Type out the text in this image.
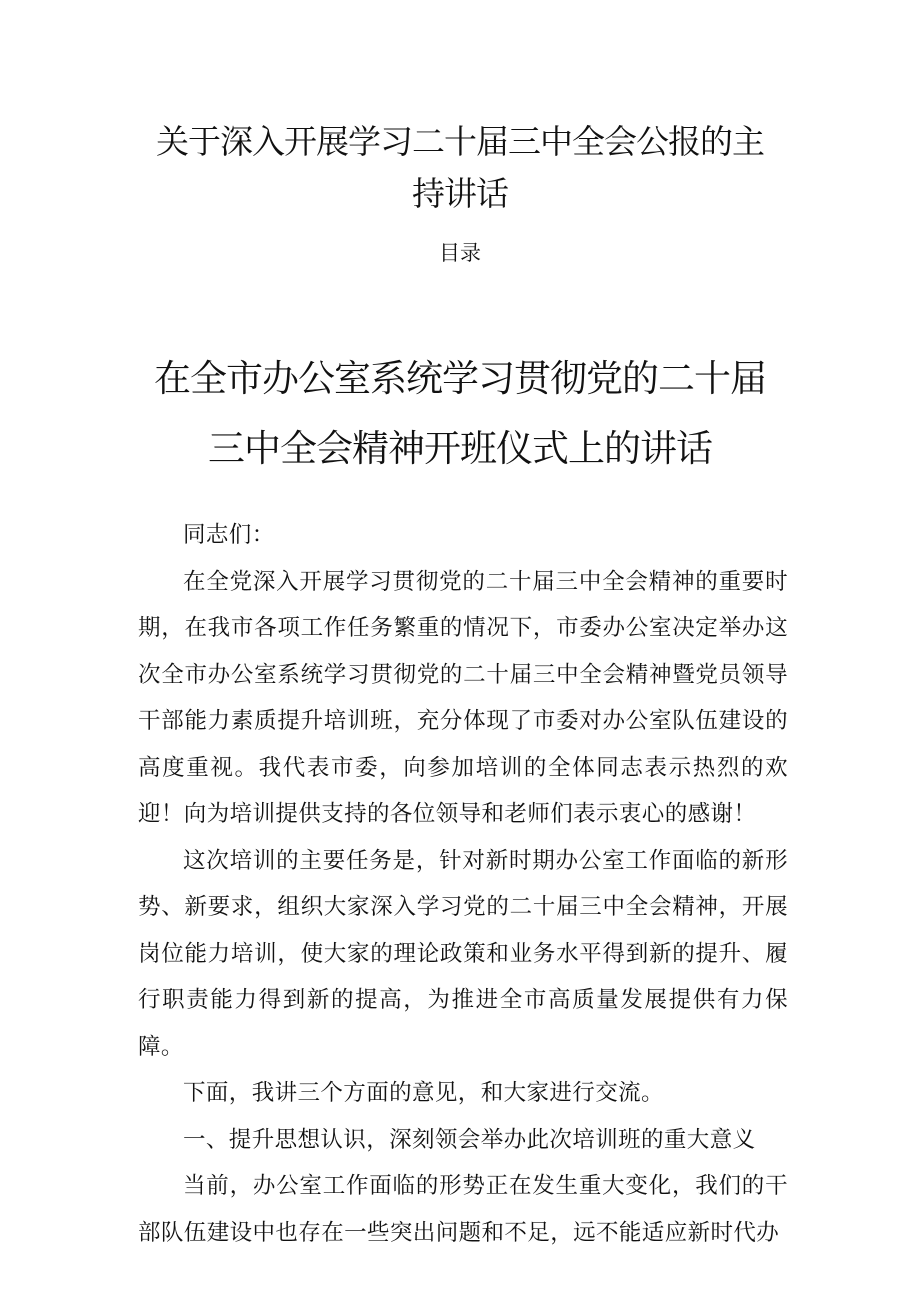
关于深入开展学习二十届三中全会公报的主持讲话
目录
在全市办公室系统学习贯彻党的二十届三中全会精神开班仪式上的讲话

同志们：

在全党深入开展学习贯彻党的二十届三中全会精神的重要时期，在我市各项工作任务繁重的情况下，市委办公室决定举办这次全市办公室系统学习贯彻党的二十届三中全会精神暨党员领导干部能力素质提升培训班，充分体现了市委对办公室队伍建设的高度重视。我代表市委，向参加培训的全体同志表示热烈的欢迎！向为培训提供支持的各位领导和老师们表示衷心的感谢！

这次培训的主要任务是，针对新时期办公室工作面临的新形势、新要求，组织大家深入学习党的二十届三中全会精神，开展岗位能力培训，使大家的理论政策和业务水平得到新的提升、履行职责能力得到新的提高，为推进全市高质量发展提供有力保障。

下面，我讲三个方面的意见，和大家进行交流。

一、提升思想认识，深刻领会举办此次培训班的重大意义

当前，办公室工作面临的形势正在发生重大变化，我们的干部队伍建设中也存在一些突出问题和不足，远不能适应新时代办
